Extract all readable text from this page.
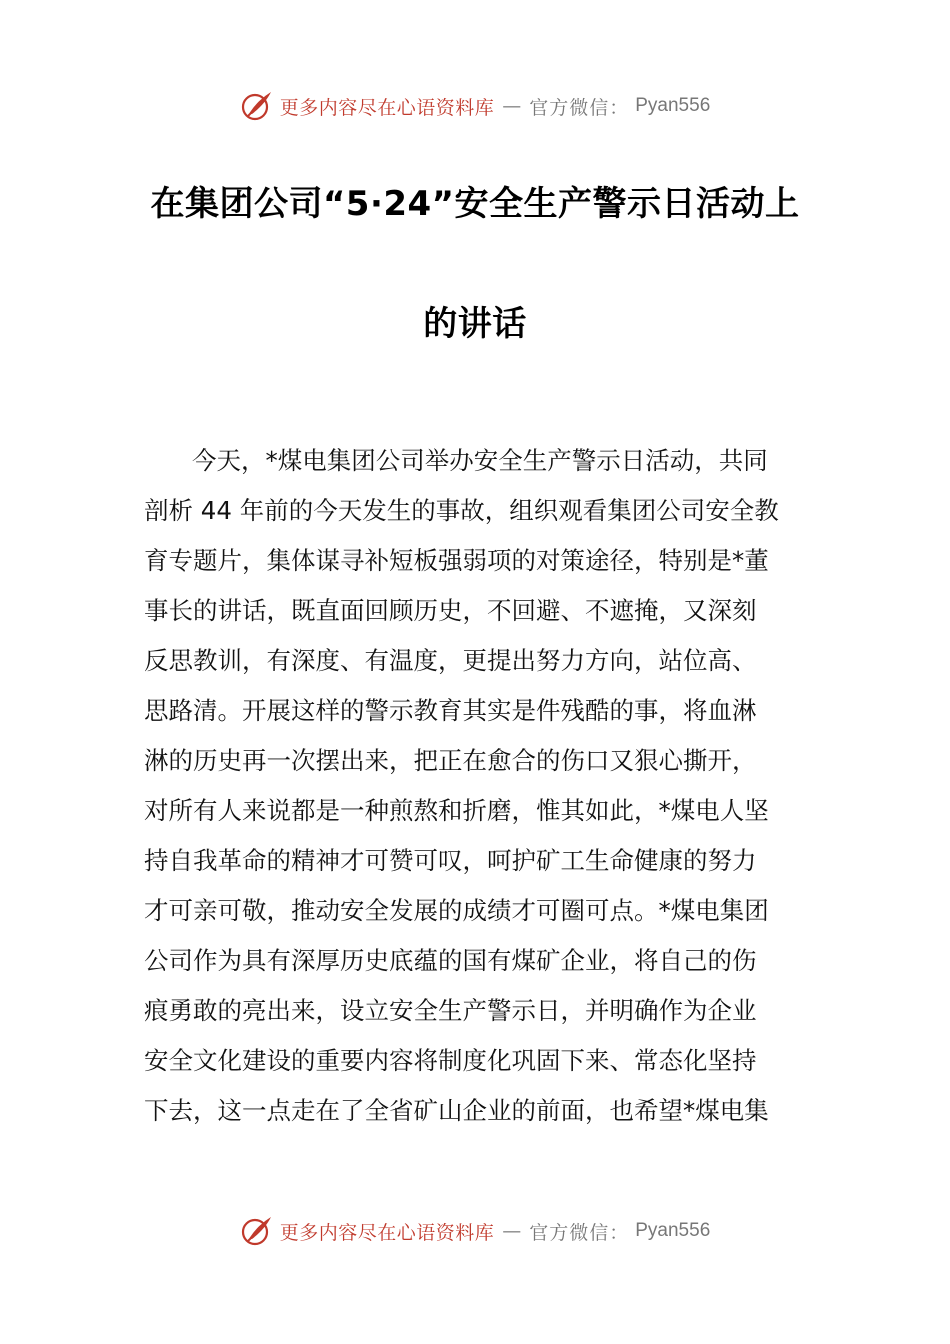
更多内容尽在心语资料库 — 官方微信： Pyan556
在集团公司“5·24”安全生产警示日活动上
的讲话
今天，*煤电集团公司举办安全生产警示日活动，共同
剖析 44 年前的今天发生的事故，组织观看集团公司安全教
育专题片，集体谋寻补短板强弱项的对策途径，特别是*董
事长的讲话，既直面回顾历史，不回避、不遮掩，又深刻
反思教训，有深度、有温度，更提出努力方向，站位高、
思路清。开展这样的警示教育其实是件残酷的事，将血淋
淋的历史再一次摆出来，把正在愈合的伤口又狠心撕开，
对所有人来说都是一种煎熬和折磨，惟其如此，*煤电人坚
持自我革命的精神才可赞可叹，呵护矿工生命健康的努力
才可亲可敬，推动安全发展的成绩才可圈可点。*煤电集团
公司作为具有深厚历史底蕴的国有煤矿企业，将自己的伤
痕勇敢的亮出来，设立安全生产警示日，并明确作为企业
安全文化建设的重要内容将制度化巩固下来、常态化坚持
下去，这一点走在了全省矿山企业的前面，也希望*煤电集
更多内容尽在心语资料库 — 官方微信： Pyan556
